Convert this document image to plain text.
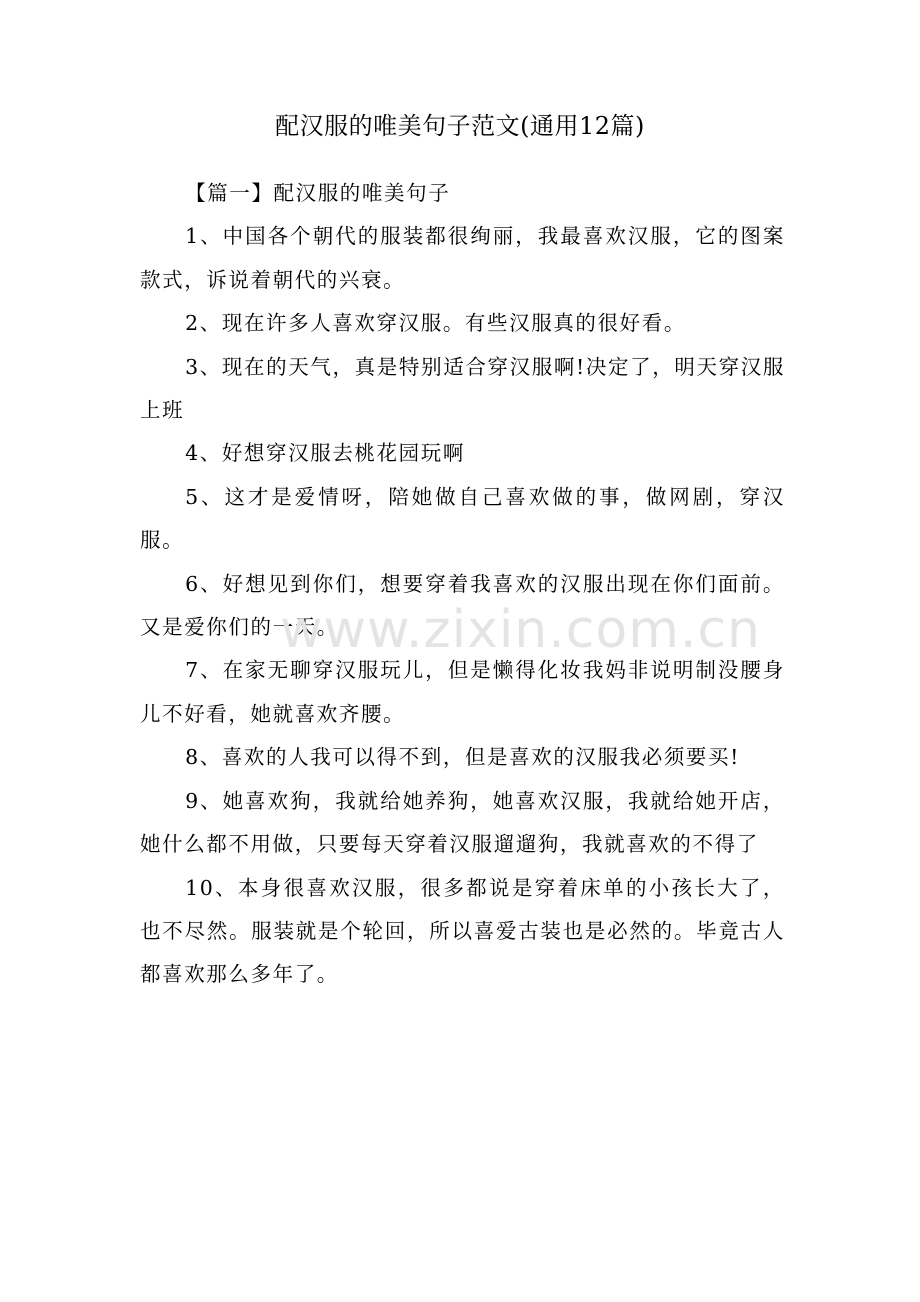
配汉服的唯美句子范文(通用12篇)

【篇一】配汉服的唯美句子

1、中国各个朝代的服装都很绚丽，我最喜欢汉服，它的图案款式，诉说着朝代的兴衰。

2、现在许多人喜欢穿汉服。有些汉服真的很好看。

3、现在的天气，真是特别适合穿汉服啊!决定了，明天穿汉服上班

4、好想穿汉服去桃花园玩啊

5、这才是爱情呀，陪她做自己喜欢做的事，做网剧，穿汉服。

6、好想见到你们，想要穿着我喜欢的汉服出现在你们面前。又是爱你们的一天。

7、在家无聊穿汉服玩儿，但是懒得化妆我妈非说明制没腰身儿不好看，她就喜欢齐腰。

8、喜欢的人我可以得不到，但是喜欢的汉服我必须要买!

9、她喜欢狗，我就给她养狗，她喜欢汉服，我就给她开店，她什么都不用做，只要每天穿着汉服遛遛狗，我就喜欢的不得了

10、本身很喜欢汉服，很多都说是穿着床单的小孩长大了，也不尽然。服装就是个轮回，所以喜爱古装也是必然的。毕竟古人都喜欢那么多年了。

www.zixin.com.cn
